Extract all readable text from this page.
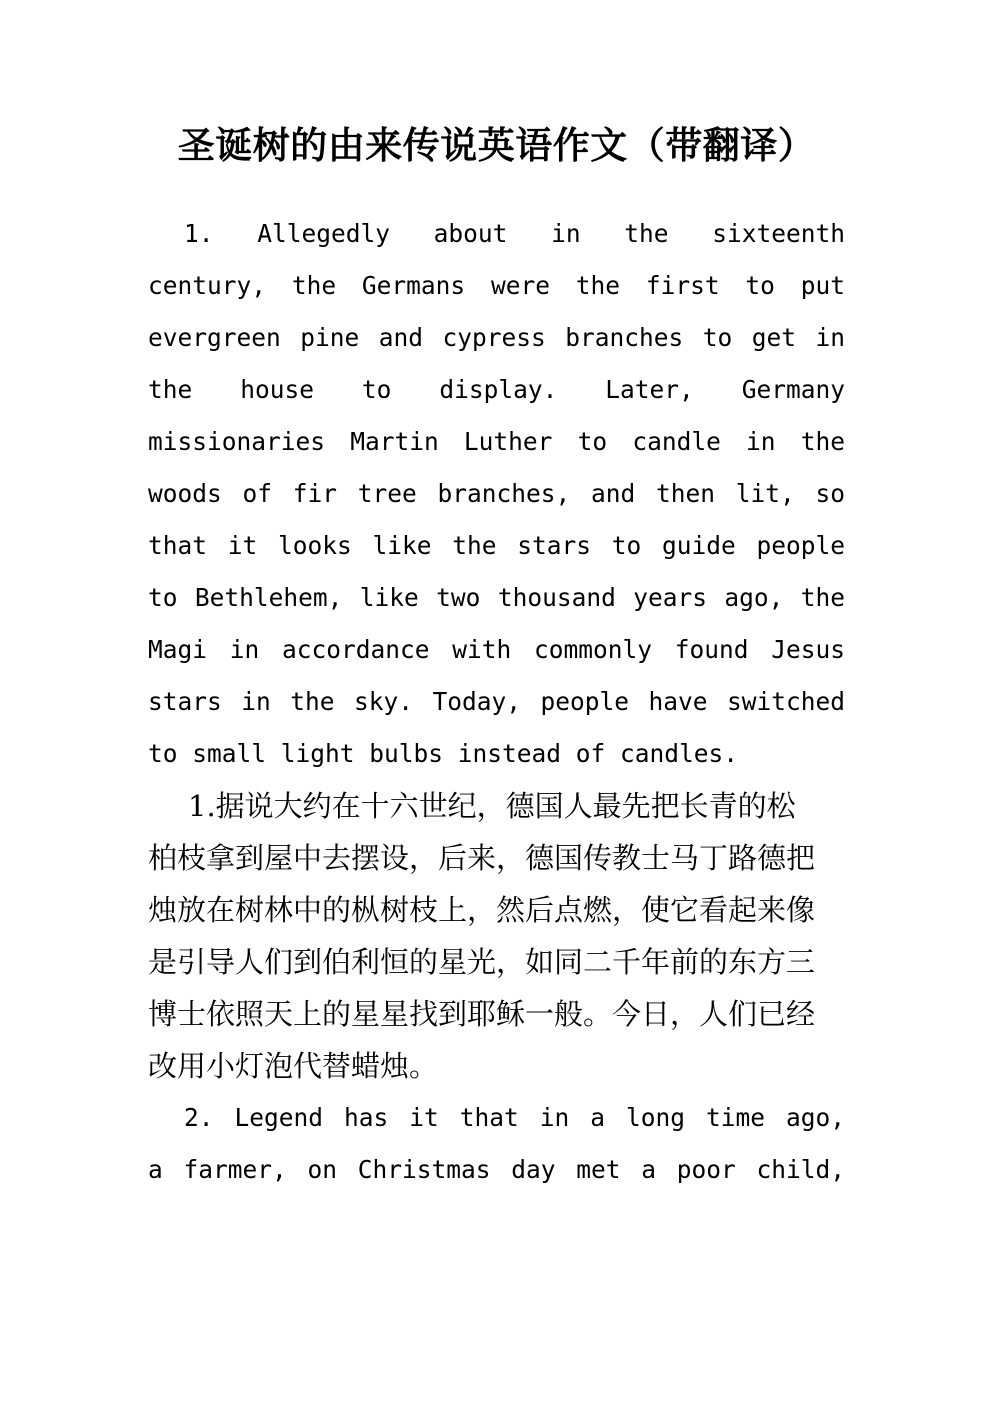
圣诞树的由来传说英语作文（带翻译）

1. Allegedly about in the sixteenth
century, the Germans were the first to put
evergreen pine and cypress branches to get in
the house to display. Later, Germany
missionaries Martin Luther to candle in the
woods of fir tree branches, and then lit, so
that it looks like the stars to guide people
to Bethlehem, like two thousand years ago, the
Magi in accordance with commonly found Jesus
stars in the sky. Today, people have switched
to small light bulbs instead of candles.

1.据说大约在十六世纪，德国人最先把长青的松
柏枝拿到屋中去摆设，后来，德国传教士马丁路德把
烛放在树林中的枞树枝上，然后点燃，使它看起来像
是引导人们到伯利恒的星光，如同二千年前的东方三
博士依照天上的星星找到耶稣一般。今日，人们已经
改用小灯泡代替蜡烛。

2. Legend has it that in a long time ago,
a farmer, on Christmas day met a poor child,
